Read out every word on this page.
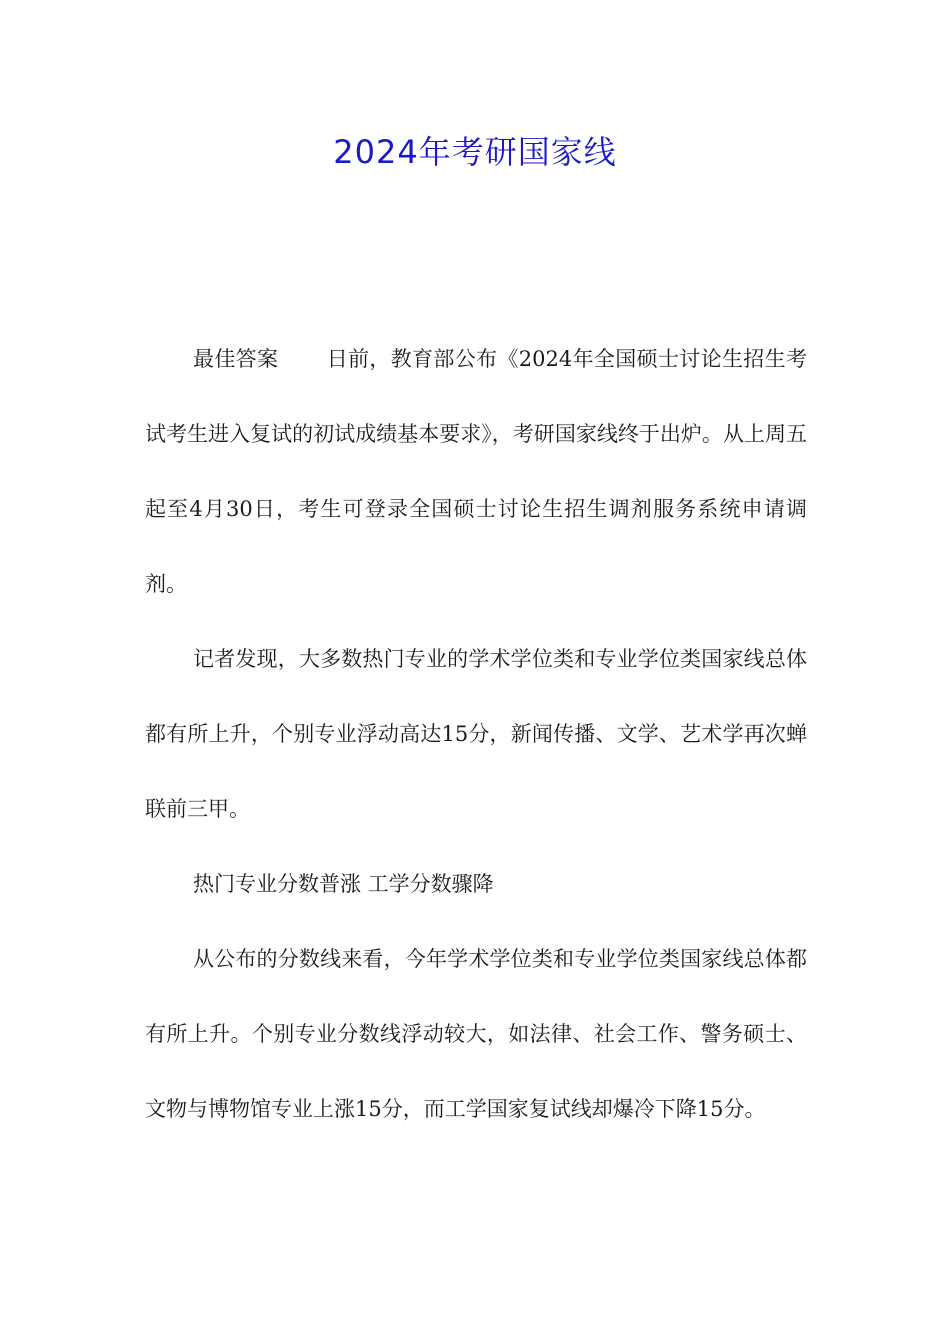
2024年考研国家线

最佳答案 日前，教育部公布《2024年全国硕士讨论生招生考试考生进入复试的初试成绩基本要求》，考研国家线终于出炉。从上周五起至4月30日，考生可登录全国硕士讨论生招生调剂服务系统申请调剂。

记者发现，大多数热门专业的学术学位类和专业学位类国家线总体都有所上升，个别专业浮动高达15分，新闻传播、文学、艺术学再次蝉联前三甲。

热门专业分数普涨 工学分数骤降

从公布的分数线来看，今年学术学位类和专业学位类国家线总体都有所上升。个别专业分数线浮动较大，如法律、社会工作、警务硕士、文物与博物馆专业上涨15分，而工学国家复试线却爆冷下降15分。
